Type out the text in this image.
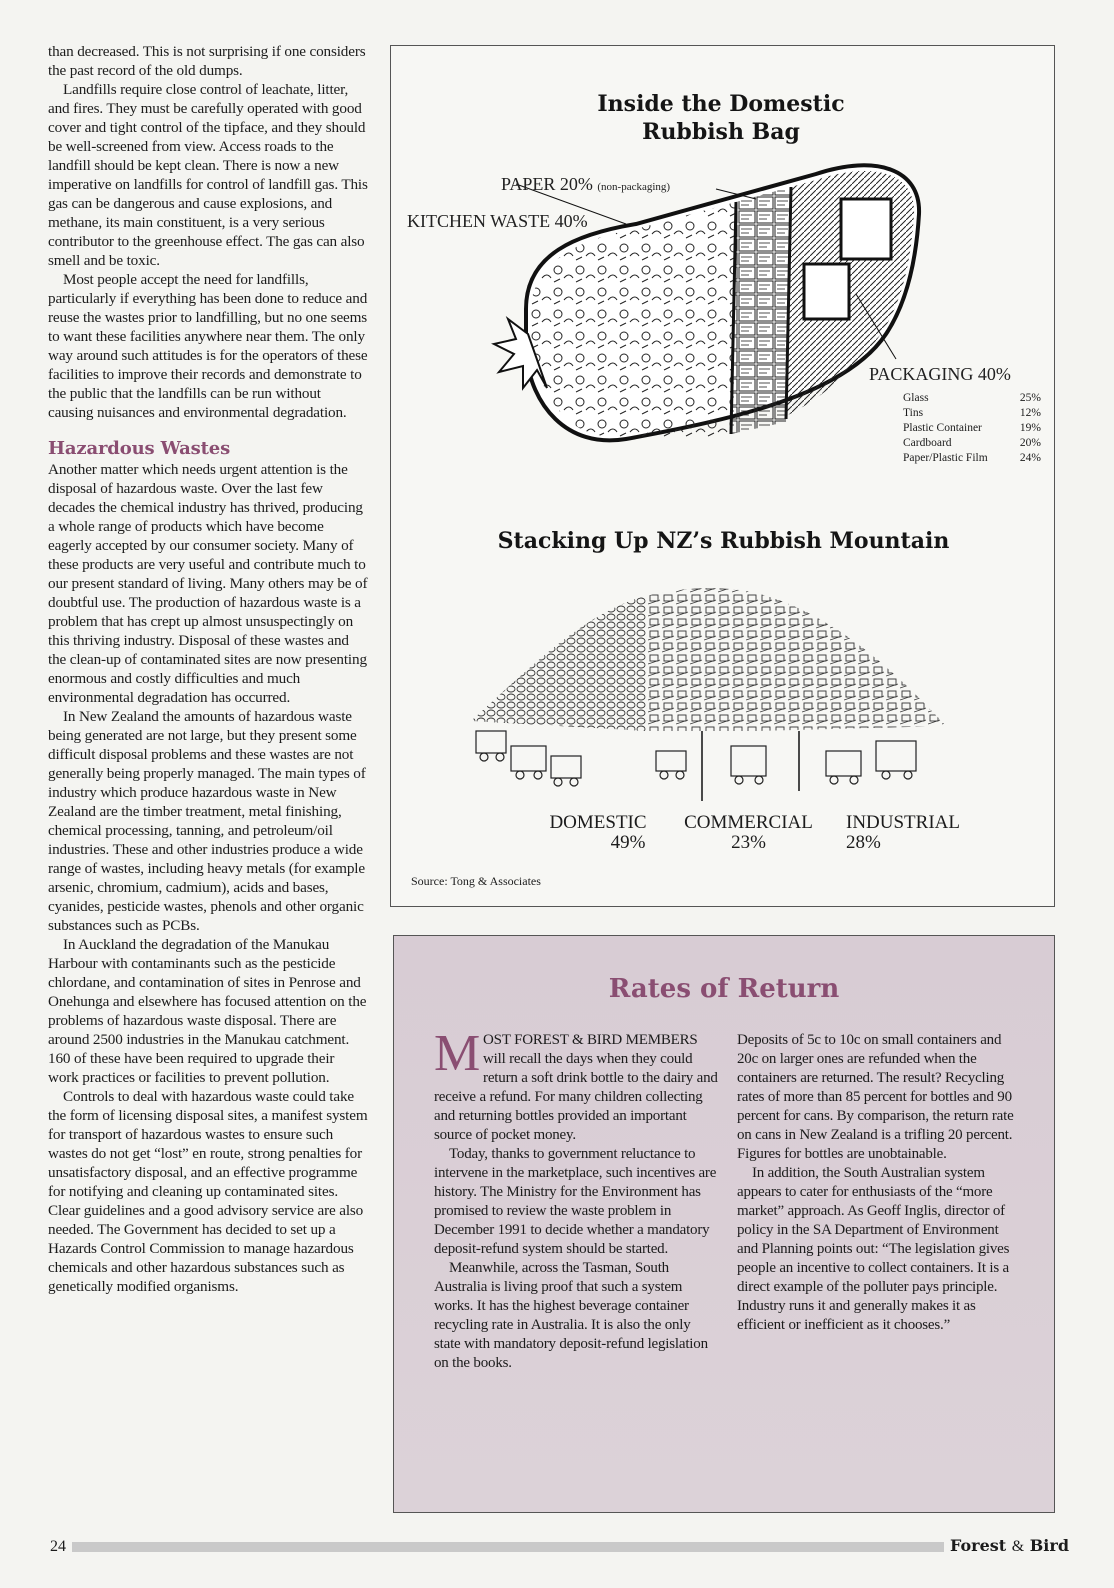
than decreased. This is not surprising if one considers the past record of the old dumps.

Landfills require close control of leachate, litter, and fires. They must be carefully operated with good cover and tight control of the tipface, and they should be well-screened from view. Access roads to the landfill should be kept clean. There is now a new imperative on landfills for control of landfill gas. This gas can be dangerous and cause explosions, and methane, its main constituent, is a very serious contributor to the greenhouse effect. The gas can also smell and be toxic.

Most people accept the need for landfills, particularly if everything has been done to reduce and reuse the wastes prior to landfilling, but no one seems to want these facilities anywhere near them. The only way around such attitudes is for the operators of these facilities to improve their records and demonstrate to the public that the landfills can be run without causing nuisances and environmental degradation.

Hazardous Wastes

Another matter which needs urgent attention is the disposal of hazardous waste. Over the last few decades the chemical industry has thrived, producing a whole range of products which have become eagerly accepted by our consumer society. Many of these products are very useful and contribute much to our present standard of living. Many others may be of doubtful use. The production of hazardous waste is a problem that has crept up almost unsuspectingly on this thriving industry. Disposal of these wastes and the clean-up of contaminated sites are now presenting enormous and costly difficulties and much environmental degradation has occurred.

In New Zealand the amounts of hazardous waste being generated are not large, but they present some difficult disposal problems and these wastes are not generally being properly managed. The main types of industry which produce hazardous waste in New Zealand are the timber treatment, metal finishing, chemical processing, tanning, and petroleum/oil industries. These and other industries produce a wide range of wastes, including heavy metals (for example arsenic, chromium, cadmium), acids and bases, cyanides, pesticide wastes, phenols and other organic substances such as PCBs.

In Auckland the degradation of the Manukau Harbour with contaminants such as the pesticide chlordane, and contamination of sites in Penrose and Onehunga and elsewhere has focused attention on the problems of hazardous waste disposal. There are around 2500 industries in the Manukau catchment. 160 of these have been required to upgrade their work practices or facilities to prevent pollution.

Controls to deal with hazardous waste could take the form of licensing disposal sites, a manifest system for transport of hazardous wastes to ensure such wastes do not get “lost” en route, strong penalties for unsatisfactory disposal, and an effective programme for notifying and cleaning up contaminated sites. Clear guidelines and a good advisory service are also needed. The Government has decided to set up a Hazards Control Commission to manage hazardous chemicals and other hazardous substances such as genetically modified organisms.

Inside the Domestic
Rubbish Bag
PAPER 20% (non-packaging)
KITCHEN WASTE 40%
PACKAGING 40%
Glass	25%
Tins	12%
Plastic Container	19%
Cardboard	20%
Paper/Plastic Film	24%
Stacking Up NZ’s Rubbish Mountain
DOMESTIC
49%
COMMERCIAL
23%
INDUSTRIAL
28%
Source: Tong & Associates
Rates of Return

MOST FOREST & BIRD MEMBERS will recall the days when they could return a soft drink bottle to the dairy and receive a refund. For many children collecting and returning bottles provided an important source of pocket money.

Today, thanks to government reluctance to intervene in the marketplace, such incentives are history. The Ministry for the Environment has promised to review the waste problem in December 1991 to decide whether a mandatory deposit-refund system should be started.

Meanwhile, across the Tasman, South Australia is living proof that such a system works. It has the highest beverage container recycling rate in Australia. It is also the only state with mandatory deposit-refund legislation on the books.

Deposits of 5c to 10c on small containers and 20c on larger ones are refunded when the containers are returned. The result? Recycling rates of more than 85 percent for bottles and 90 percent for cans. By comparison, the return rate on cans in New Zealand is a trifling 20 percent. Figures for bottles are unobtainable.

In addition, the South Australian system appears to cater for enthusiasts of the “more market” approach. As Geoff Inglis, director of policy in the SA Department of Environment and Planning points out: “The legislation gives people an incentive to collect containers. It is a direct example of the polluter pays principle. Industry runs it and generally makes it as efficient or inefficient as it chooses.”

24	Forest & Bird
